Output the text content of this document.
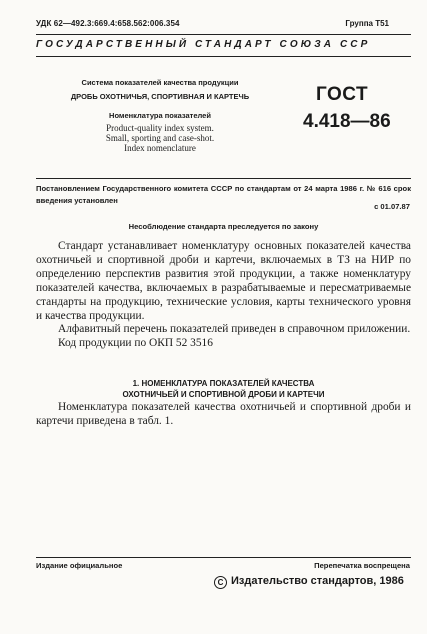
УДК 62—492.3:669.4:658.562:006.354	Группа Т51
ГОСУДАРСТВЕННЫЙ СТАНДАРТ СОЮЗА ССР
Система показателей качества продукции
ДРОБЬ ОХОТНИЧЬЯ, СПОРТИВНАЯ И КАРТЕЧЬ
Номенклатура показателей
Product-quality index system.
Small, sporting and case-shot.
Index nomenclature
ГОСТ
4.418—86
Постановлением Государственного комитета СССР по стандартам от 24 марта 1986 г. № 616 срок введения установлен
с 01.07.87
Несоблюдение стандарта преследуется по закону

Стандарт устанавливает номенклатуру основных показателей качества охотничьей и спортивной дроби и картечи, включаемых в ТЗ на НИР по определению перспектив развития этой продукции, а также номенклатуру показателей качества, включаемых в разрабатываемые и пересматриваемые стандарты на продукцию, технические условия, карты технического уровня и качества продукции.

Алфавитный перечень показателей приведен в справочном приложении.

Код продукции по ОКП 52 3516

1. НОМЕНКЛАТУРА ПОКАЗАТЕЛЕЙ КАЧЕСТВА
ОХОТНИЧЬЕЙ И СПОРТИВНОЙ ДРОБИ И КАРТЕЧИ

Номенклатура показателей качества охотничьей и спортивной дроби и картечи приведена в табл. 1.

Издание официальное	Перепечатка воспрещена
С Издательство стандартов, 1986
